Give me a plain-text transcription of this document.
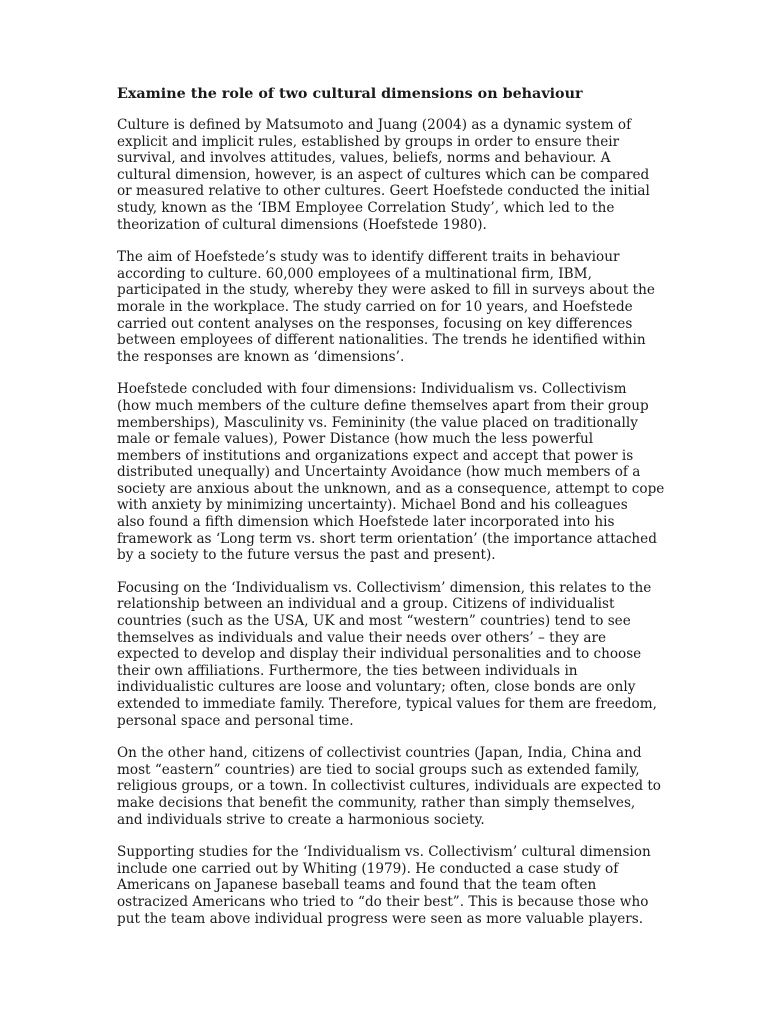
Examine the role of two cultural dimensions on behaviour
Culture is defined by Matsumoto and Juang (2004) as a dynamic system of
explicit and implicit rules, established by groups in order to ensure their
survival, and involves attitudes, values, beliefs, norms and behaviour. A
cultural dimension, however, is an aspect of cultures which can be compared
or measured relative to other cultures. Geert Hoefstede conducted the initial
study, known as the ‘IBM Employee Correlation Study’, which led to the
theorization of cultural dimensions (Hoefstede 1980).
The aim of Hoefstede’s study was to identify different traits in behaviour
according to culture. 60,000 employees of a multinational firm, IBM,
participated in the study, whereby they were asked to fill in surveys about the
morale in the workplace. The study carried on for 10 years, and Hoefstede
carried out content analyses on the responses, focusing on key differences
between employees of different nationalities. The trends he identified within
the responses are known as ‘dimensions’.
Hoefstede concluded with four dimensions: Individualism vs. Collectivism
(how much members of the culture define themselves apart from their group
memberships), Masculinity vs. Femininity (the value placed on traditionally
male or female values), Power Distance (how much the less powerful
members of institutions and organizations expect and accept that power is
distributed unequally) and Uncertainty Avoidance (how much members of a
society are anxious about the unknown, and as a consequence, attempt to cope
with anxiety by minimizing uncertainty). Michael Bond and his colleagues
also found a fifth dimension which Hoefstede later incorporated into his
framework as ‘Long term vs. short term orientation’ (the importance attached
by a society to the future versus the past and present).
Focusing on the ‘Individualism vs. Collectivism’ dimension, this relates to the
relationship between an individual and a group. Citizens of individualist
countries (such as the USA, UK and most “western” countries) tend to see
themselves as individuals and value their needs over others’ – they are
expected to develop and display their individual personalities and to choose
their own affiliations. Furthermore, the ties between individuals in
individualistic cultures are loose and voluntary; often, close bonds are only
extended to immediate family. Therefore, typical values for them are freedom,
personal space and personal time.
On the other hand, citizens of collectivist countries (Japan, India, China and
most “eastern” countries) are tied to social groups such as extended family,
religious groups, or a town. In collectivist cultures, individuals are expected to
make decisions that benefit the community, rather than simply themselves,
and individuals strive to create a harmonious society.
Supporting studies for the ‘Individualism vs. Collectivism’ cultural dimension
include one carried out by Whiting (1979). He conducted a case study of
Americans on Japanese baseball teams and found that the team often
ostracized Americans who tried to “do their best”. This is because those who
put the team above individual progress were seen as more valuable players.
